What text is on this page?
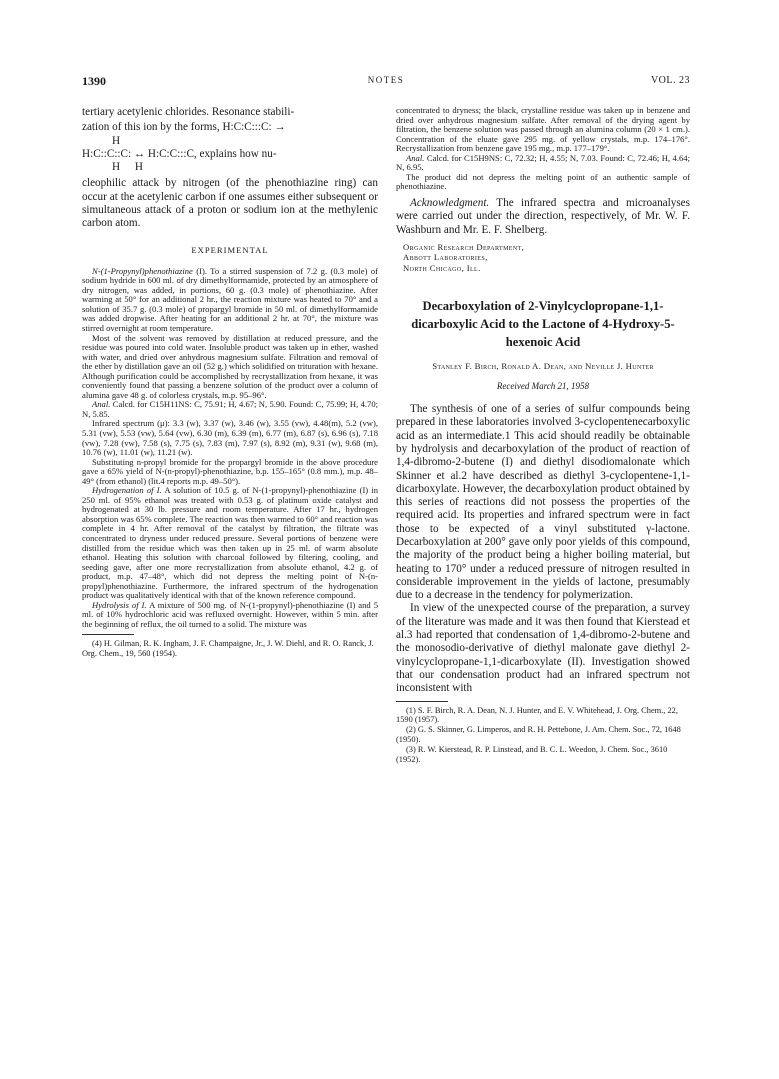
1390	NOTES	VOL. 23

tertiary acetylenic chlorides. Resonance stabili-

zation of this ion by the forms, H:C:C:::C: →
H
H:C::C::C: ↔ H:C:C:::C, explains how nu-
H H

cleophilic attack by nitrogen (of the phenothiazine ring) can occur at the acetylenic carbon if one assumes either subsequent or simultaneous attack of a proton or sodium ion at the methylenic carbon atom.

EXPERIMENTAL

N-(1-Propynyl)phenothiazine (I). To a stirred suspension of 7.2 g. (0.3 mole) of sodium hydride in 600 ml. of dry dimethylformamide, protected by an atmosphere of dry nitrogen, was added, in portions, 60 g. (0.3 mole) of phenothiazine. After warming at 50° for an additional 2 hr., the reaction mixture was heated to 70° and a solution of 35.7 g. (0.3 mole) of propargyl bromide in 50 ml. of dimethylformamide was added dropwise. After heating for an additional 2 hr. at 70°, the mixture was stirred overnight at room temperature.

Most of the solvent was removed by distillation at reduced pressure, and the residue was poured into cold water. Insoluble product was taken up in ether, washed with water, and dried over anhydrous magnesium sulfate. Filtration and removal of the ether by distillation gave an oil (52 g.) which solidified on trituration with hexane. Although purification could be accomplished by recrystallization from hexane, it was conveniently found that passing a benzene solution of the product over a column of alumina gave 48 g. of colorless crystals, m.p. 95–96°.

Anal. Calcd. for C15H11NS: C, 75.91; H, 4.67; N, 5.90. Found: C, 75.99; H, 4.70; N, 5.85.

Infrared spectrum (μ): 3.3 (w), 3.37 (w), 3.46 (w), 3.55 (vw), 4.48(m), 5.2 (vw), 5.31 (vw), 5.53 (vw), 5.64 (vw), 6.30 (m), 6.39 (m), 6.77 (m), 6.87 (s), 6.96 (s), 7.18 (vw), 7.28 (vw), 7.58 (s), 7.75 (s), 7.83 (m), 7.97 (s), 8.92 (m), 9.31 (w), 9.68 (m), 10.76 (w), 11.01 (w), 11.21 (w).

Substituting n-propyl bromide for the propargyl bromide in the above procedure gave a 65% yield of N-(n-propyl)-phenothiazine, b.p. 155–165° (0.8 mm.), m.p. 48–49° (from ethanol) (lit.4 reports m.p. 49–50°).

Hydrogenation of I. A solution of 10.5 g. of N-(1-propynyl)-phenothiazine (I) in 250 ml. of 95% ethanol was treated with 0.53 g. of platinum oxide catalyst and hydrogenated at 30 lb. pressure and room temperature. After 17 hr., hydrogen absorption was 65% complete. The reaction was then warmed to 60° and reaction was complete in 4 hr. After removal of the catalyst by filtration, the filtrate was concentrated to dryness under reduced pressure. Several portions of benzene were distilled from the residue which was then taken up in 25 ml. of warm absolute ethanol. Heating this solution with charcoal followed by filtering, cooling, and seeding gave, after one more recrystallization from absolute ethanol, 4.2 g. of product, m.p. 47–48°, which did not depress the melting point of N-(n-propyl)phenothiazine. Furthermore, the infrared spectrum of the hydrogenation product was qualitatively identical with that of the known reference compound.

Hydrolysis of I. A mixture of 500 mg. of N-(1-propynyl)-phenothiazine (I) and 5 ml. of 10% hydrochloric acid was refluxed overnight. However, within 5 min. after the beginning of reflux, the oil turned to a solid. The mixture was

(4) H. Gilman, R. K. Ingham, J. F. Champaigne, Jr., J. W. Diehl, and R. O. Ranck, J. Org. Chem., 19, 560 (1954).

concentrated to dryness; the black, crystalline residue was taken up in benzene and dried over anhydrous magnesium sulfate. After removal of the drying agent by filtration, the benzene solution was passed through an alumina column (20 × 1 cm.). Concentration of the eluate gave 295 mg. of yellow crystals, m.p. 174–176°. Recrystallization from benzene gave 195 mg., m.p. 177–179°.

Anal. Calcd. for C15H9NS: C, 72.32; H, 4.55; N, 7.03. Found: C, 72.46; H, 4.64; N, 6.95.

The product did not depress the melting point of an authentic sample of phenothiazine.

Acknowledgment. The infrared spectra and microanalyses were carried out under the direction, respectively, of Mr. W. F. Washburn and Mr. E. F. Shelberg.

Organic Research Department,
Abbott Laboratories,
North Chicago, Ill.
Decarboxylation of 2-Vinylcyclopropane-1,1-dicarboxylic Acid to the Lactone of 4-Hydroxy-5-hexenoic Acid
Stanley F. Birch, Ronald A. Dean, and Neville J. Hunter
Received March 21, 1958

The synthesis of one of a series of sulfur compounds being prepared in these laboratories involved 3-cyclopentenecarboxylic acid as an intermediate.1 This acid should readily be obtainable by hydrolysis and decarboxylation of the product of reaction of 1,4-dibromo-2-butene (I) and diethyl disodiomalonate which Skinner et al.2 have described as diethyl 3-cyclopentene-1,1-dicarboxylate. However, the decarboxylation product obtained by this series of reactions did not possess the properties of the required acid. Its properties and infrared spectrum were in fact those to be expected of a vinyl substituted γ-lactone. Decarboxylation at 200° gave only poor yields of this compound, the majority of the product being a higher boiling material, but heating to 170° under a reduced pressure of nitrogen resulted in considerable improvement in the yields of lactone, presumably due to a decrease in the tendency for polymerization.

In view of the unexpected course of the preparation, a survey of the literature was made and it was then found that Kierstead et al.3 had reported that condensation of 1,4-dibromo-2-butene and the monosodio-derivative of diethyl malonate gave diethyl 2-vinylcyclopropane-1,1-dicarboxylate (II). Investigation showed that our condensation product had an infrared spectrum not inconsistent with

(1) S. F. Birch, R. A. Dean, N. J. Hunter, and E. V. Whitehead, J. Org. Chem., 22, 1590 (1957).

(2) G. S. Skinner, G. Limperos, and R. H. Pettebone, J. Am. Chem. Soc., 72, 1648 (1950).

(3) R. W. Kierstead, R. P. Linstead, and B. C. L. Weedon, J. Chem. Soc., 3610 (1952).
